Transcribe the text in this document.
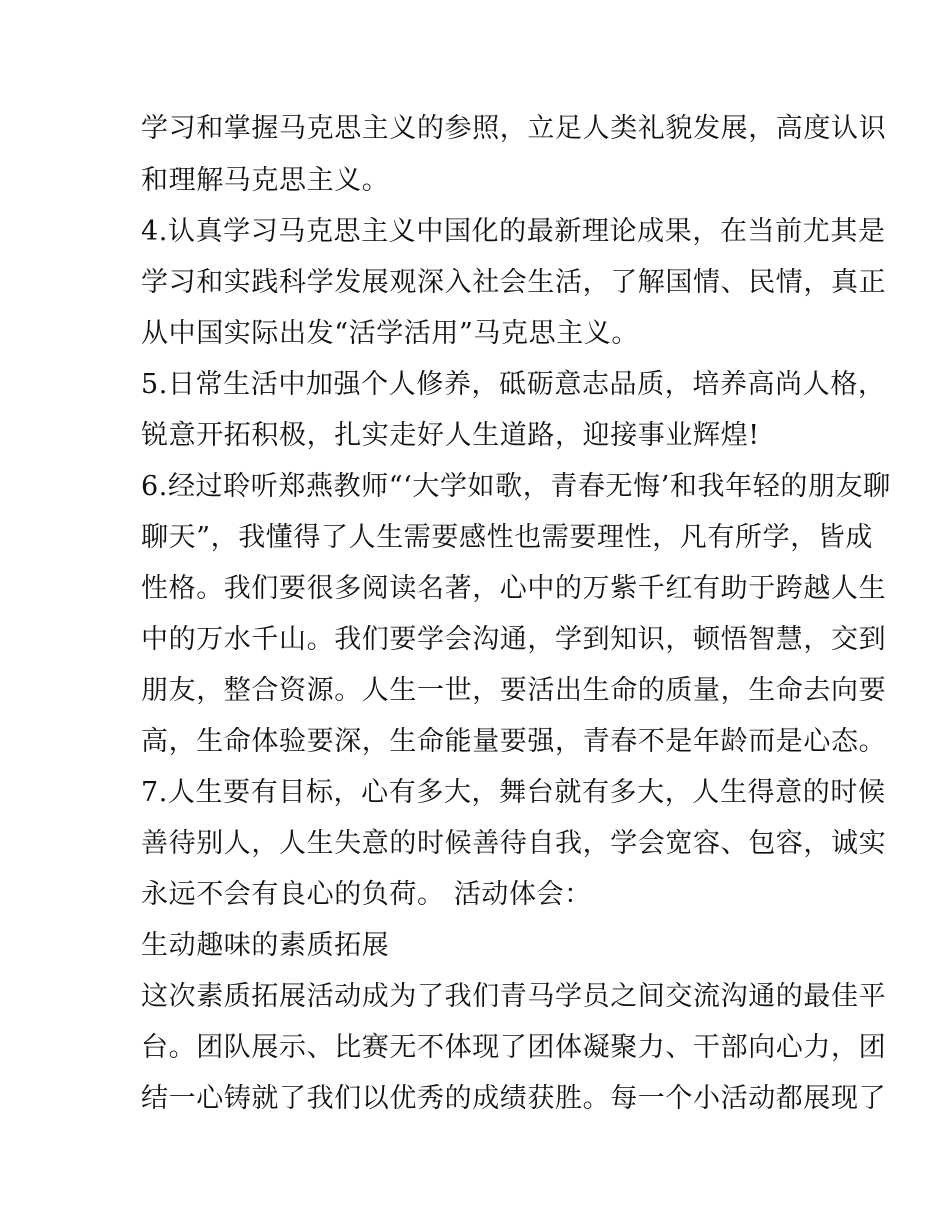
学习和掌握马克思主义的参照，立足人类礼貌发展，高度认识
和理解马克思主义。
4.认真学习马克思主义中国化的最新理论成果，在当前尤其是
学习和实践科学发展观深入社会生活，了解国情、民情，真正
从中国实际出发“活学活用”马克思主义。
5.日常生活中加强个人修养，砥砺意志品质，培养高尚人格，
锐意开拓积极，扎实走好人生道路，迎接事业辉煌!
6.经过聆听郑燕教师“‘大学如歌，青春无悔’和我年轻的朋友聊
聊天”，我懂得了人生需要感性也需要理性，凡有所学，皆成
性格。我们要很多阅读名著，心中的万紫千红有助于跨越人生
中的万水千山。我们要学会沟通，学到知识，顿悟智慧，交到
朋友，整合资源。人生一世，要活出生命的质量，生命去向要
高，生命体验要深，生命能量要强，青春不是年龄而是心态。
7.人生要有目标，心有多大，舞台就有多大，人生得意的时候
善待别人，人生失意的时候善待自我，学会宽容、包容，诚实
永远不会有良心的负荷。 活动体会：
生动趣味的素质拓展
这次素质拓展活动成为了我们青马学员之间交流沟通的最佳平
台。团队展示、比赛无不体现了团体凝聚力、干部向心力，团
结一心铸就了我们以优秀的成绩获胜。每一个小活动都展现了
